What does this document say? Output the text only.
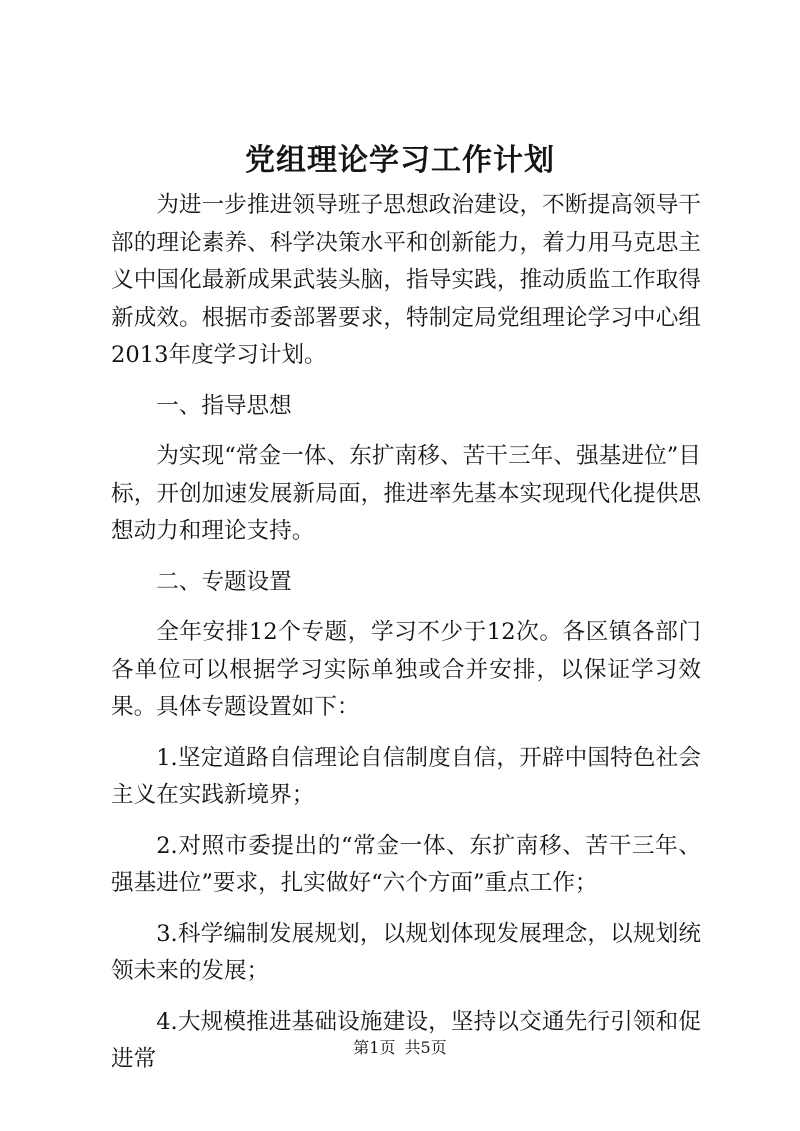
党组理论学习工作计划

为进一步推进领导班子思想政治建设，不断提高领导干部的理论素养、科学决策水平和创新能力，着力用马克思主义中国化最新成果武装头脑，指导实践，推动质监工作取得新成效。根据市委部署要求，特制定局党组理论学习中心组2013年度学习计划。

一、指导思想

为实现“常金一体、东扩南移、苦干三年、强基进位”目标，开创加速发展新局面，推进率先基本实现现代化提供思想动力和理论支持。

二、专题设置

全年安排12个专题，学习不少于12次。各区镇各部门各单位可以根据学习实际单独或合并安排，以保证学习效果。具体专题设置如下：

1.坚定道路自信理论自信制度自信，开辟中国特色社会主义在实践新境界；

2.对照市委提出的“常金一体、东扩南移、苦干三年、强基进位”要求，扎实做好“六个方面”重点工作；

3.科学编制发展规划，以规划体现发展理念，以规划统领未来的发展；

4.大规模推进基础设施建设，坚持以交通先行引领和促进常	第1页 共5页
